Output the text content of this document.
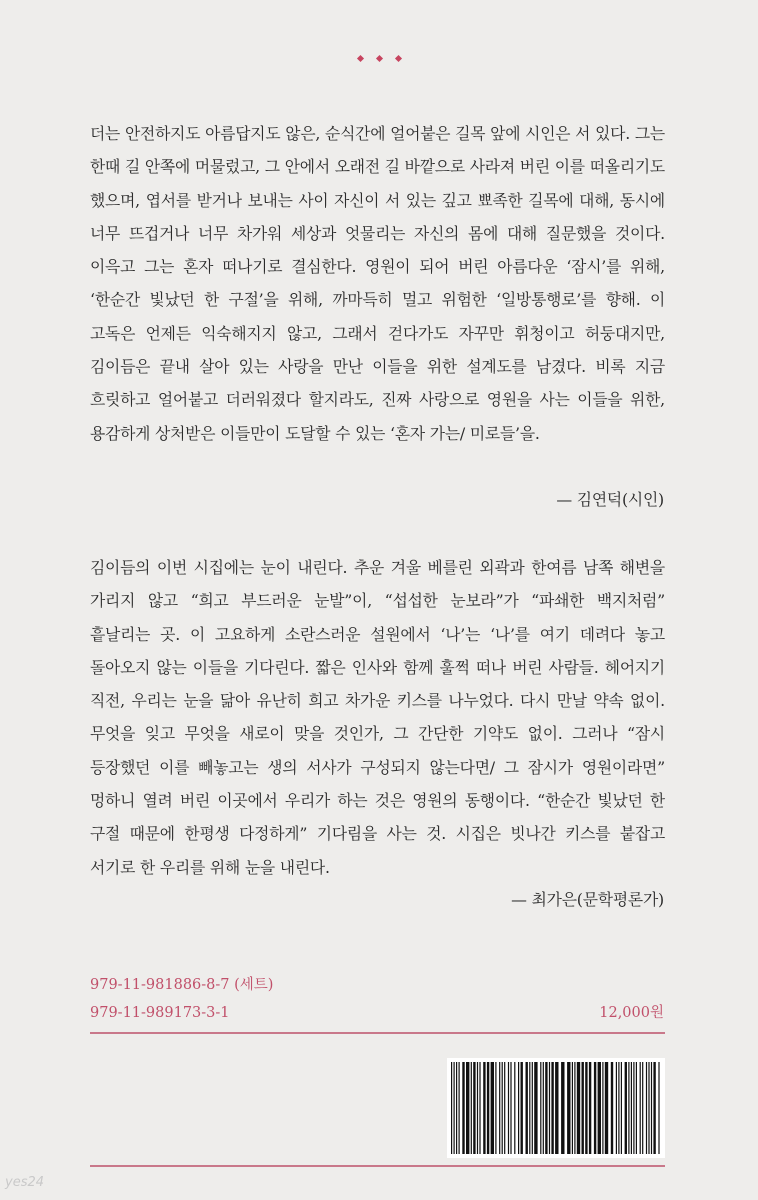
더는 안전하지도 아름답지도 않은, 순식간에 얼어붙은 길목 앞에 시인은 서 있다. 그는 한때 길 안쪽에 머물렀고, 그 안에서 오래전 길 바깥으로 사라져 버린 이를 떠올리기도 했으며, 엽서를 받거나 보내는 사이 자신이 서 있는 깊고 뾰족한 길목에 대해, 동시에 너무 뜨겁거나 너무 차가워 세상과 엇물리는 자신의 몸에 대해 질문했을 것이다. 이윽고 그는 혼자 떠나기로 결심한다. 영원이 되어 버린 아름다운 ‘잠시’를 위해, ‘한순간 빛났던 한 구절’을 위해, 까마득히 멀고 위험한 ‘일방통행로’를 향해. 이 고독은 언제든 익숙해지지 않고, 그래서 걷다가도 자꾸만 휘청이고 허둥대지만, 김이듬은 끝내 살아 있는 사랑을 만난 이들을 위한 설계도를 남겼다. 비록 지금 흐릿하고 얼어붙고 더러워졌다 할지라도, 진짜 사랑으로 영원을 사는 이들을 위한, 용감하게 상처받은 이들만이 도달할 수 있는 ‘혼자 가는/ 미로들’을.

— 김연덕(시인)

김이듬의 이번 시집에는 눈이 내린다. 추운 겨울 베를린 외곽과 한여름 남쪽 해변을 가리지 않고 “희고 부드러운 눈발”이, “섭섭한 눈보라”가 “파쇄한 백지처럼” 흩날리는 곳. 이 고요하게 소란스러운 설원에서 ‘나’는 ‘나’를 여기 데려다 놓고 돌아오지 않는 이들을 기다린다. 짧은 인사와 함께 훌쩍 떠나 버린 사람들. 헤어지기 직전, 우리는 눈을 닮아 유난히 희고 차가운 키스를 나누었다. 다시 만날 약속 없이. 무엇을 잊고 무엇을 새로이 맞을 것인가, 그 간단한 기약도 없이. 그러나 “잠시 등장했던 이를 빼놓고는 생의 서사가 구성되지 않는다면/ 그 잠시가 영원이라면” 멍하니 열려 버린 이곳에서 우리가 하는 것은 영원의 동행이다. “한순간 빛났던 한 구절 때문에 한평생 다정하게” 기다림을 사는 것. 시집은 빗나간 키스를 붙잡고 서기로 한 우리를 위해 눈을 내린다.

— 최가은(문학평론가)
979-11-981886-8-7 (세트)
979-11-989173-3-1	12,000원
yes24
